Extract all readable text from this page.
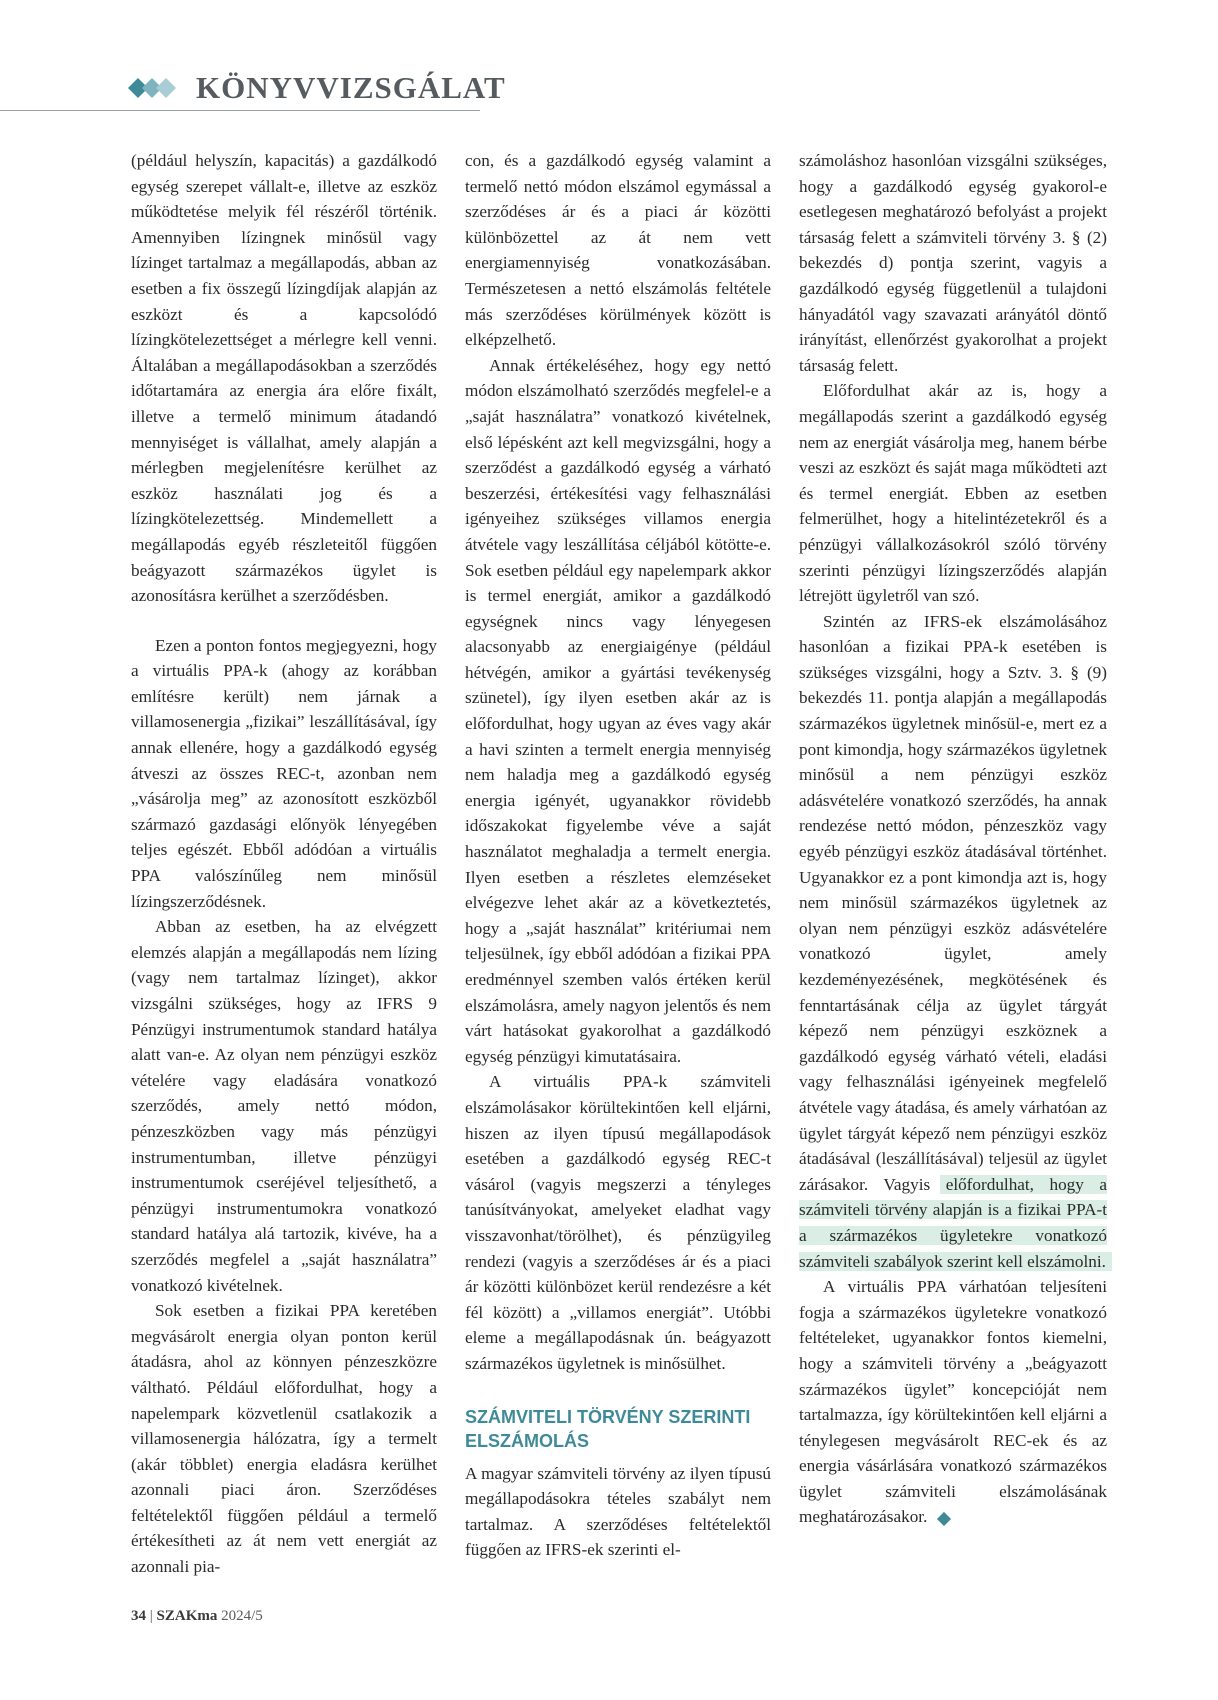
KÖNYVVIZSGÁLAT

(például helyszín, kapacitás) a gazdálkodó egység szerepet vállalt-e, illetve az eszköz működtetése melyik fél részéről történik. Amennyiben lízingnek minősül vagy lízinget tartalmaz a megállapodás, abban az esetben a fix összegű lízingdíjak alapján az eszközt és a kapcsolódó lízingkötelezettséget a mérlegre kell venni. Általában a megállapodásokban a szerződés időtartamára az energia ára előre fixált, illetve a termelő minimum átadandó mennyiséget is vállalhat, amely alapján a mérlegben megjelenítésre kerülhet az eszköz használati jog és a lízingkötelezettség. Mindemellett a megállapodás egyéb részleteitől függően beágyazott származékos ügylet is azonosításra kerülhet a szerződésben.

Ezen a ponton fontos megjegyezni, hogy a virtuális PPA-k (ahogy az korábban említésre került) nem járnak a villamosenergia „fizikai” leszállításával, így annak ellenére, hogy a gazdálkodó egység átveszi az összes REC-t, azonban nem „vásárolja meg” az azonosított eszközből származó gazdasági előnyök lényegében teljes egészét. Ebből adódóan a virtuális PPA valószínűleg nem minősül lízingszerződésnek.

Abban az esetben, ha az elvégzett elemzés alapján a megállapodás nem lízing (vagy nem tartalmaz lízinget), akkor vizsgálni szükséges, hogy az IFRS 9 Pénzügyi instrumentumok standard hatálya alatt van-e. Az olyan nem pénzügyi eszköz vételére vagy eladására vonatkozó szerződés, amely nettó módon, pénzeszközben vagy más pénzügyi instrumentumban, illetve pénzügyi instrumentumok cseréjével teljesíthető, a pénzügyi instrumentumokra vonatkozó standard hatálya alá tartozik, kivéve, ha a szerződés megfelel a „saját használatra” vonatkozó kivételnek.

Sok esetben a fizikai PPA keretében megvásárolt energia olyan ponton kerül átadásra, ahol az könnyen pénzeszközre váltható. Például előfordulhat, hogy a napelempark közvetlenül csatlakozik a villamosenergia hálózatra, így a termelt (akár többlet) energia eladásra kerülhet azonnali piaci áron. Szerződéses feltételektől függően például a termelő értékesítheti az át nem vett energiát az azonnali pia-

con, és a gazdálkodó egység valamint a termelő nettó módon elszámol egymással a szerződéses ár és a piaci ár közötti különbözettel az át nem vett energiamennyiség vonatkozásában. Természetesen a nettó elszámolás feltétele más szerződéses körülmények között is elképzelhető.

Annak értékeléséhez, hogy egy nettó módon elszámolható szerződés megfelel-e a „saját használatra” vonatkozó kivételnek, első lépésként azt kell megvizsgálni, hogy a szerződést a gazdálkodó egység a várható beszerzési, értékesítési vagy felhasználási igényeihez szükséges villamos energia átvétele vagy leszállítása céljából kötötte-e. Sok esetben például egy napelempark akkor is termel energiát, amikor a gazdálkodó egységnek nincs vagy lényegesen alacsonyabb az energiaigénye (például hétvégén, amikor a gyártási tevékenység szünetel), így ilyen esetben akár az is előfordulhat, hogy ugyan az éves vagy akár a havi szinten a termelt energia mennyiség nem haladja meg a gazdálkodó egység energia igényét, ugyanakkor rövidebb időszakokat figyelembe véve a saját használatot meghaladja a termelt energia. Ilyen esetben a részletes elemzéseket elvégezve lehet akár az a következtetés, hogy a „saját használat” kritériumai nem teljesülnek, így ebből adódóan a fizikai PPA eredménnyel szemben valós értéken kerül elszámolásra, amely nagyon jelentős és nem várt hatásokat gyakorolhat a gazdálkodó egység pénzügyi kimutatásaira.

A virtuális PPA-k számviteli elszámolásakor körültekintően kell eljárni, hiszen az ilyen típusú megállapodások esetében a gazdálkodó egység REC-t vásárol (vagyis megszerzi a tényleges tanúsítványokat, amelyeket eladhat vagy visszavonhat/törölhet), és pénzügyileg rendezi (vagyis a szerződéses ár és a piaci ár közötti különbözet kerül rendezésre a két fél között) a „villamos energiát”. Utóbbi eleme a megállapodásnak ún. beágyazott származékos ügyletnek is minősülhet.

SZÁMVITELI TÖRVÉNY SZERINTI ELSZÁMOLÁS

A magyar számviteli törvény az ilyen típusú megállapodásokra tételes szabályt nem tartalmaz. A szerződéses feltételektől függően az IFRS-ek szerinti el-

számoláshoz hasonlóan vizsgálni szükséges, hogy a gazdálkodó egység gyakorol-e esetlegesen meghatározó befolyást a projekt társaság felett a számviteli törvény 3. § (2) bekezdés d) pontja szerint, vagyis a gazdálkodó egység függetlenül a tulajdoni hányadától vagy szavazati arányától döntő irányítást, ellenőrzést gyakorolhat a projekt társaság felett.

Előfordulhat akár az is, hogy a megállapodás szerint a gazdálkodó egység nem az energiát vásárolja meg, hanem bérbe veszi az eszközt és saját maga működteti azt és termel energiát. Ebben az esetben felmerülhet, hogy a hitelintézetekről és a pénzügyi vállalkozásokról szóló törvény szerinti pénzügyi lízingszerződés alapján létrejött ügyletről van szó.

Szintén az IFRS-ek elszámolásához hasonlóan a fizikai PPA-k esetében is szükséges vizsgálni, hogy a Sztv. 3. § (9) bekezdés 11. pontja alapján a megállapodás származékos ügyletnek minősül-e, mert ez a pont kimondja, hogy származékos ügyletnek minősül a nem pénzügyi eszköz adásvételére vonatkozó szerződés, ha annak rendezése nettó módon, pénzeszköz vagy egyéb pénzügyi eszköz átadásával történhet. Ugyanakkor ez a pont kimondja azt is, hogy nem minősül származékos ügyletnek az olyan nem pénzügyi eszköz adásvételére vonatkozó ügylet, amely kezdeményezésének, megkötésének és fenntartásának célja az ügylet tárgyát képező nem pénzügyi eszköznek a gazdálkodó egység várható vételi, eladási vagy felhasználási igényeinek megfelelő átvétele vagy átadása, és amely várhatóan az ügylet tárgyát képező nem pénzügyi eszköz átadásával (leszállításával) teljesül az ügylet zárásakor. Vagyis előfordulhat, hogy a számviteli törvény alapján is a fizikai PPA-t a származékos ügyletekre vonatkozó számviteli szabályok szerint kell elszámolni.

A virtuális PPA várhatóan teljesíteni fogja a származékos ügyletekre vonatkozó feltételeket, ugyanakkor fontos kiemelni, hogy a számviteli törvény a „beágyazott származékos ügylet” koncepcióját nem tartalmazza, így körültekintően kell eljárni a ténylegesen megvásárolt REC-ek és az energia vásárlására vonatkozó származékos ügylet számviteli elszámolásának meghatározásakor.

34 | SZAKma 2024/5
